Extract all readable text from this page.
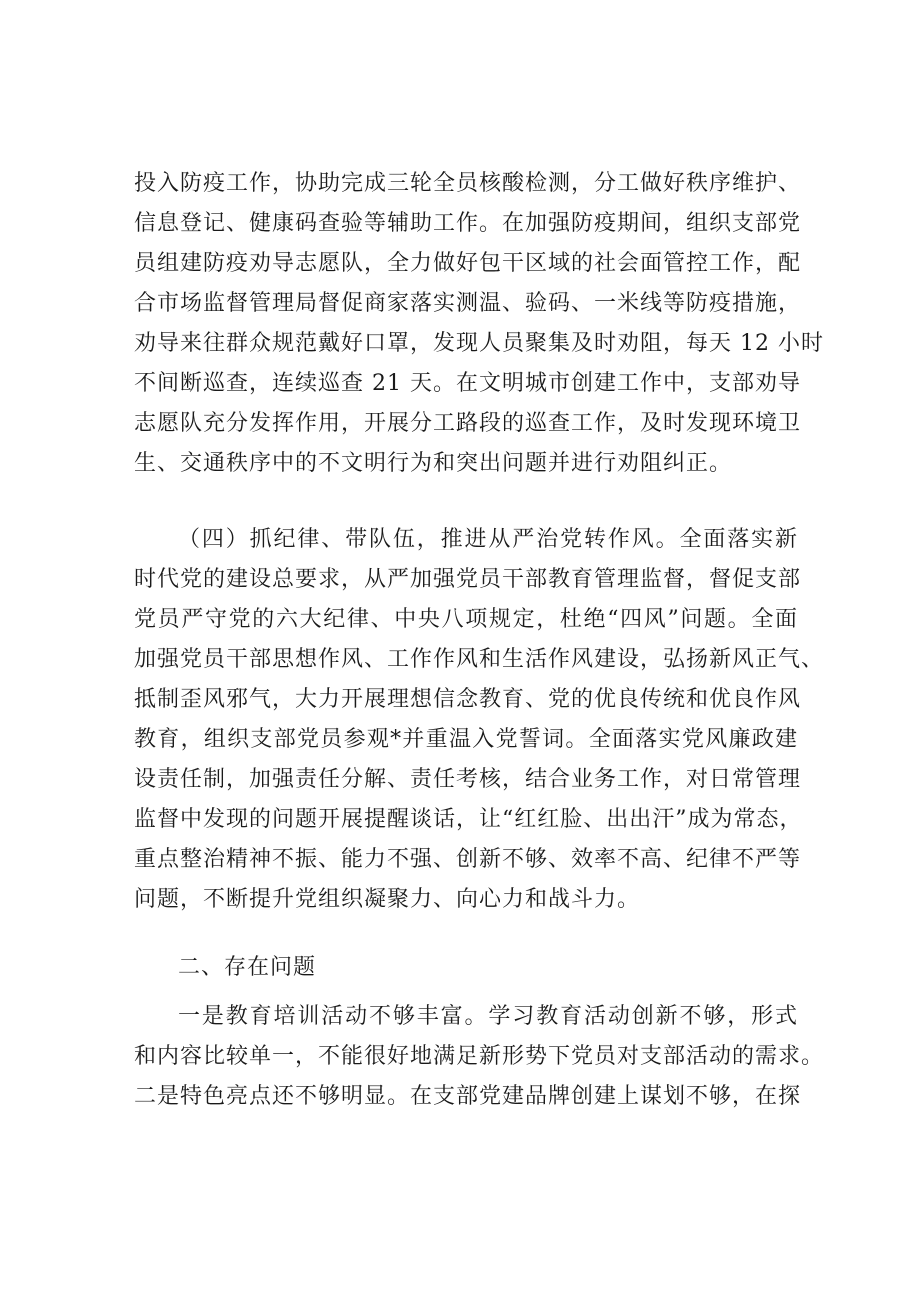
投入防疫工作，协助完成三轮全员核酸检测，分工做好秩序维护、
信息登记、健康码查验等辅助工作。在加强防疫期间，组织支部党
员组建防疫劝导志愿队，全力做好包干区域的社会面管控工作，配
合市场监督管理局督促商家落实测温、验码、一米线等防疫措施，
劝导来往群众规范戴好口罩，发现人员聚集及时劝阻，每天 12 小时
不间断巡查，连续巡查 21 天。在文明城市创建工作中，支部劝导
志愿队充分发挥作用，开展分工路段的巡查工作，及时发现环境卫
生、交通秩序中的不文明行为和突出问题并进行劝阻纠正。
（四）抓纪律、带队伍，推进从严治党转作风。全面落实新
时代党的建设总要求，从严加强党员干部教育管理监督，督促支部
党员严守党的六大纪律、中央八项规定，杜绝“四风”问题。全面
加强党员干部思想作风、工作作风和生活作风建设，弘扬新风正气、
抵制歪风邪气，大力开展理想信念教育、党的优良传统和优良作风
教育，组织支部党员参观*并重温入党誓词。全面落实党风廉政建
设责任制，加强责任分解、责任考核，结合业务工作，对日常管理
监督中发现的问题开展提醒谈话，让“红红脸、出出汗”成为常态，
重点整治精神不振、能力不强、创新不够、效率不高、纪律不严等
问题，不断提升党组织凝聚力、向心力和战斗力。
二、存在问题
一是教育培训活动不够丰富。学习教育活动创新不够，形式
和内容比较单一，不能很好地满足新形势下党员对支部活动的需求。
二是特色亮点还不够明显。在支部党建品牌创建上谋划不够，在探
